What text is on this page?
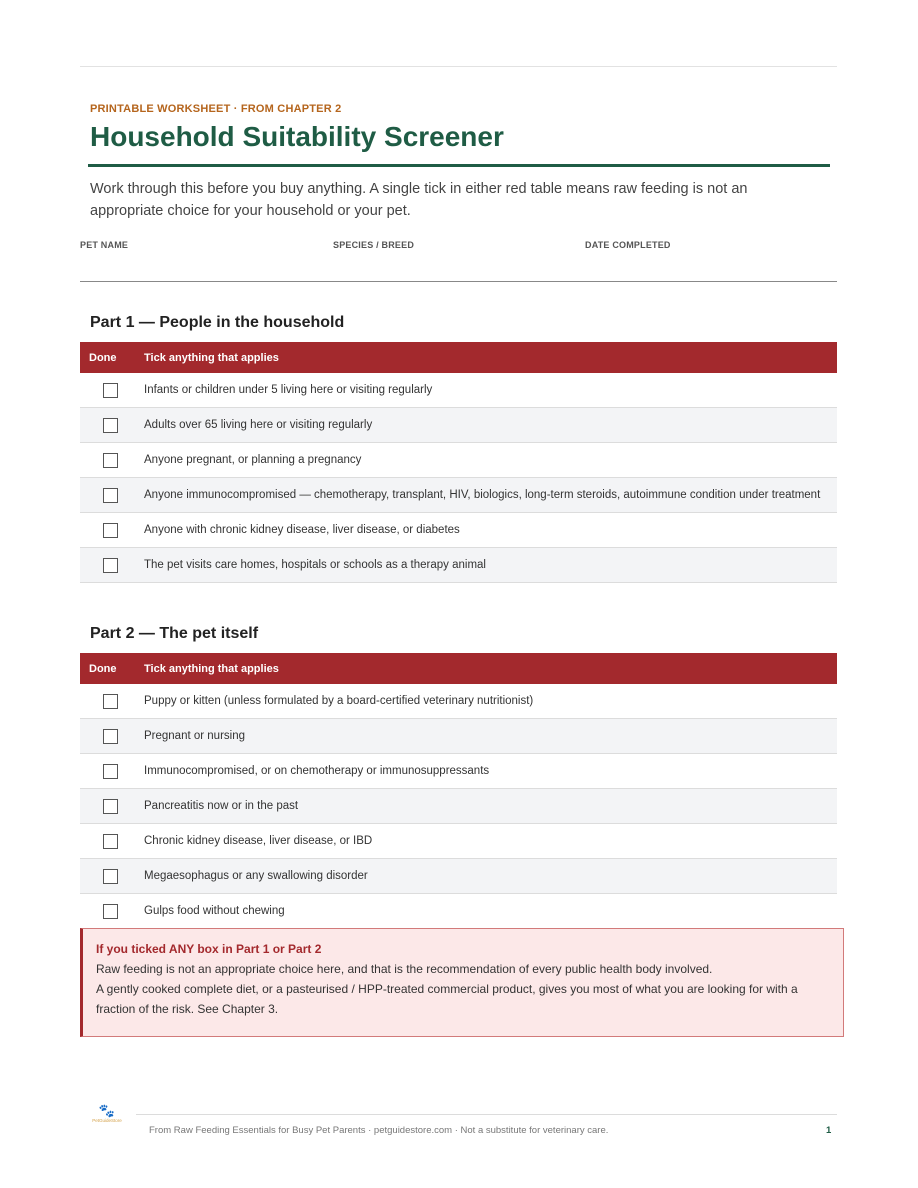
PRINTABLE WORKSHEET · FROM CHAPTER 2
Household Suitability Screener
Work through this before you buy anything. A single tick in either red table means raw feeding is not an appropriate choice for your household or your pet.
PET NAME	SPECIES / BREED	DATE COMPLETED
Part 1 — People in the household
Done	Tick anything that applies

	Infants or children under 5 living here or visiting regularly

	Adults over 65 living here or visiting regularly

	Anyone pregnant, or planning a pregnancy

	Anyone immunocompromised — chemotherapy, transplant, HIV, biologics, long-term steroids, autoimmune condition under treatment

	Anyone with chronic kidney disease, liver disease, or diabetes

	The pet visits care homes, hospitals or schools as a therapy animal
Part 2 — The pet itself
Done	Tick anything that applies

	Puppy or kitten (unless formulated by a board-certified veterinary nutritionist)

	Pregnant or nursing

	Immunocompromised, or on chemotherapy or immunosuppressants

	Pancreatitis now or in the past

	Chronic kidney disease, liver disease, or IBD

	Megaesophagus or any swallowing disorder

	Gulps food without chewing
If you ticked ANY box in Part 1 or Part 2

Raw feeding is not an appropriate choice here, and that is the recommendation of every public health body involved.

A gently cooked complete diet, or a pasteurised / HPP-treated commercial product, gives you most of what you are looking for with a fraction of the risk. See Chapter 3.

🐾
PetGuideStore
From Raw Feeding Essentials for Busy Pet Parents · petguidestore.com · Not a substitute for veterinary care.	1
